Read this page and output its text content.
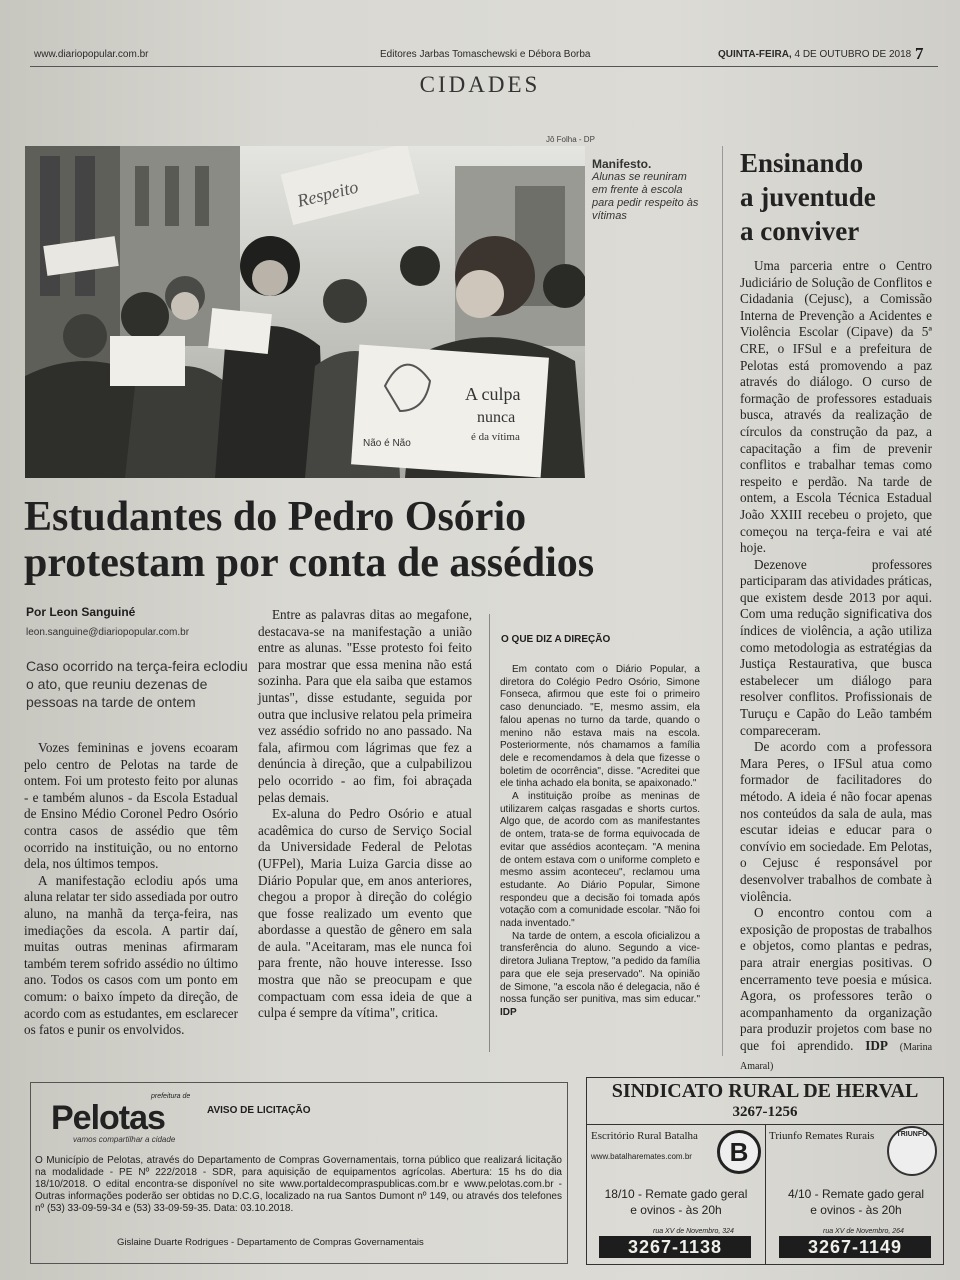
www.diariopopular.com.br	Editores Jarbas Tomaschewski e Débora Borba	QUINTA-FEIRA, 4 DE OUTUBRO DE 2018 7
CIDADES
Jô Folha - DP
Respeito
A culpa
nunca
é da vítima
Não é Não
Manifesto.
Alunas se reuniram em frente à escola para pedir respeito às vítimas
Estudantes do Pedro Osório
protestam por conta de assédios
Por Leon Sanguiné
leon.sanguine@diariopopular.com.br
Caso ocorrido na terça-feira eclodiu o ato, que reuniu dezenas de pessoas na tarde de ontem

Vozes femininas e jovens ecoaram pelo centro de Pelotas na tarde de ontem. Foi um protesto feito por alunas - e também alunos - da Escola Estadual de Ensino Médio Coronel Pedro Osório contra casos de assédio que têm ocorrido na instituição, ou no entorno dela, nos últimos tempos.

A manifestação eclodiu após uma aluna relatar ter sido assediada por outro aluno, na manhã da terça-feira, nas imediações da escola. A partir daí, muitas outras meninas afirmaram também terem sofrido assédio no último ano. Todos os casos com um ponto em comum: o baixo ímpeto da direção, de acordo com as estudantes, em esclarecer os fatos e punir os envolvidos.

Entre as palavras ditas ao megafone, destacava-se na manifestação a união entre as alunas. "Esse protesto foi feito para mostrar que essa menina não está sozinha. Para que ela saiba que estamos juntas", disse estudante, seguida por outra que inclusive relatou pela primeira vez assédio sofrido no ano passado. Na fala, afirmou com lágrimas que fez a denúncia à direção, que a culpabilizou pelo ocorrido - ao fim, foi abraçada pelas demais.

Ex-aluna do Pedro Osório e atual acadêmica do curso de Serviço Social da Universidade Federal de Pelotas (UFPel), Maria Luiza Garcia disse ao Diário Popular que, em anos anteriores, chegou a propor à direção do colégio que fosse realizado um evento que abordasse a questão de gênero em sala de aula. "Aceitaram, mas ele nunca foi para frente, não houve interesse. Isso mostra que não se preocupam e que compactuam com essa ideia de que a culpa é sempre da vítima", critica.

O QUE DIZ A DIREÇÃO

Em contato com o Diário Popular, a diretora do Colégio Pedro Osório, Simone Fonseca, afirmou que este foi o primeiro caso denunciado. "E, mesmo assim, ela falou apenas no turno da tarde, quando o menino não estava mais na escola. Posteriormente, nós chamamos a família dele e recomendamos à dela que fizesse o boletim de ocorrência", disse. "Acreditei que ele tinha achado ela bonita, se apaixonado."

A instituição proíbe as meninas de utilizarem calças rasgadas e shorts curtos. Algo que, de acordo com as manifestantes de ontem, trata-se de forma equivocada de evitar que assédios aconteçam. "A menina de ontem estava com o uniforme completo e mesmo assim aconteceu", reclamou uma estudante. Ao Diário Popular, Simone respondeu que a decisão foi tomada após votação com a comunidade escolar. "Não foi nada inventado."

Na tarde de ontem, a escola oficializou a transferência do aluno. Segundo a vice-diretora Juliana Treptow, "a pedido da família para que ele seja preservado". Na opinião de Simone, "a escola não é delegacia, não é nossa função ser punitiva, mas sim educar." IDP

Ensinando
a juventude
a conviver

Uma parceria entre o Centro Judiciário de Solução de Conflitos e Cidadania (Cejusc), a Comissão Interna de Prevenção a Acidentes e Violência Escolar (Cipave) da 5ª CRE, o IFSul e a prefeitura de Pelotas está promovendo a paz através do diálogo. O curso de formação de professores estaduais busca, através da realização de círculos da construção da paz, a capacitação a fim de prevenir conflitos e trabalhar temas como respeito e perdão. Na tarde de ontem, a Escola Técnica Estadual João XXIII recebeu o projeto, que começou na terça-feira e vai até hoje.

Dezenove professores participaram das atividades práticas, que existem desde 2013 por aqui. Com uma redução significativa dos índices de violência, a ação utiliza como metodologia as estratégias da Justiça Restaurativa, que busca estabelecer um diálogo para resolver conflitos. Profissionais de Turuçu e Capão do Leão também compareceram.

De acordo com a professora Mara Peres, o IFSul atua como formador de facilitadores do método. A ideia é não focar apenas nos conteúdos da sala de aula, mas escutar ideias e educar para o convívio em sociedade. Em Pelotas, o Cejusc é responsável por desenvolver trabalhos de combate à violência.

O encontro contou com a exposição de propostas de trabalhos e objetos, como plantas e pedras, para atrair energias positivas. O encerramento teve poesia e música. Agora, os professores terão o acompanhamento da organização para produzir projetos com base no que foi aprendido. IDP (Marina Amaral)

prefeitura de
Pelotas
vamos compartilhar a cidade
AVISO DE LICITAÇÃO
O Município de Pelotas, através do Departamento de Compras Governamentais, torna público que realizará licitação na modalidade - PE Nº 222/2018 - SDR, para aquisição de equipamentos agrícolas. Abertura: 15 hs do dia 18/10/2018. O edital encontra-se disponível no site www.portaldecompraspublicas.com.br e www.pelotas.com.br - Outras informações poderão ser obtidas no D.C.G, localizado na rua Santos Dumont nº 149, ou através dos telefones nº (53) 33-09-59-34 e (53) 33-09-59-35. Data: 03.10.2018.
Gislaine Duarte Rodrigues - Departamento de Compras Governamentais
SINDICATO RURAL DE HERVAL
3267-1256
Escritório Rural Batalha
www.batalharemates.com.br	B
18/10 - Remate gado geral
e ovinos - às 20h
rua XV de Novembro, 324
3267-1138
Triunfo Remates Rurais	TRIUNFO
4/10 - Remate gado geral
e ovinos - às 20h
rua XV de Novembro, 264
3267-1149
